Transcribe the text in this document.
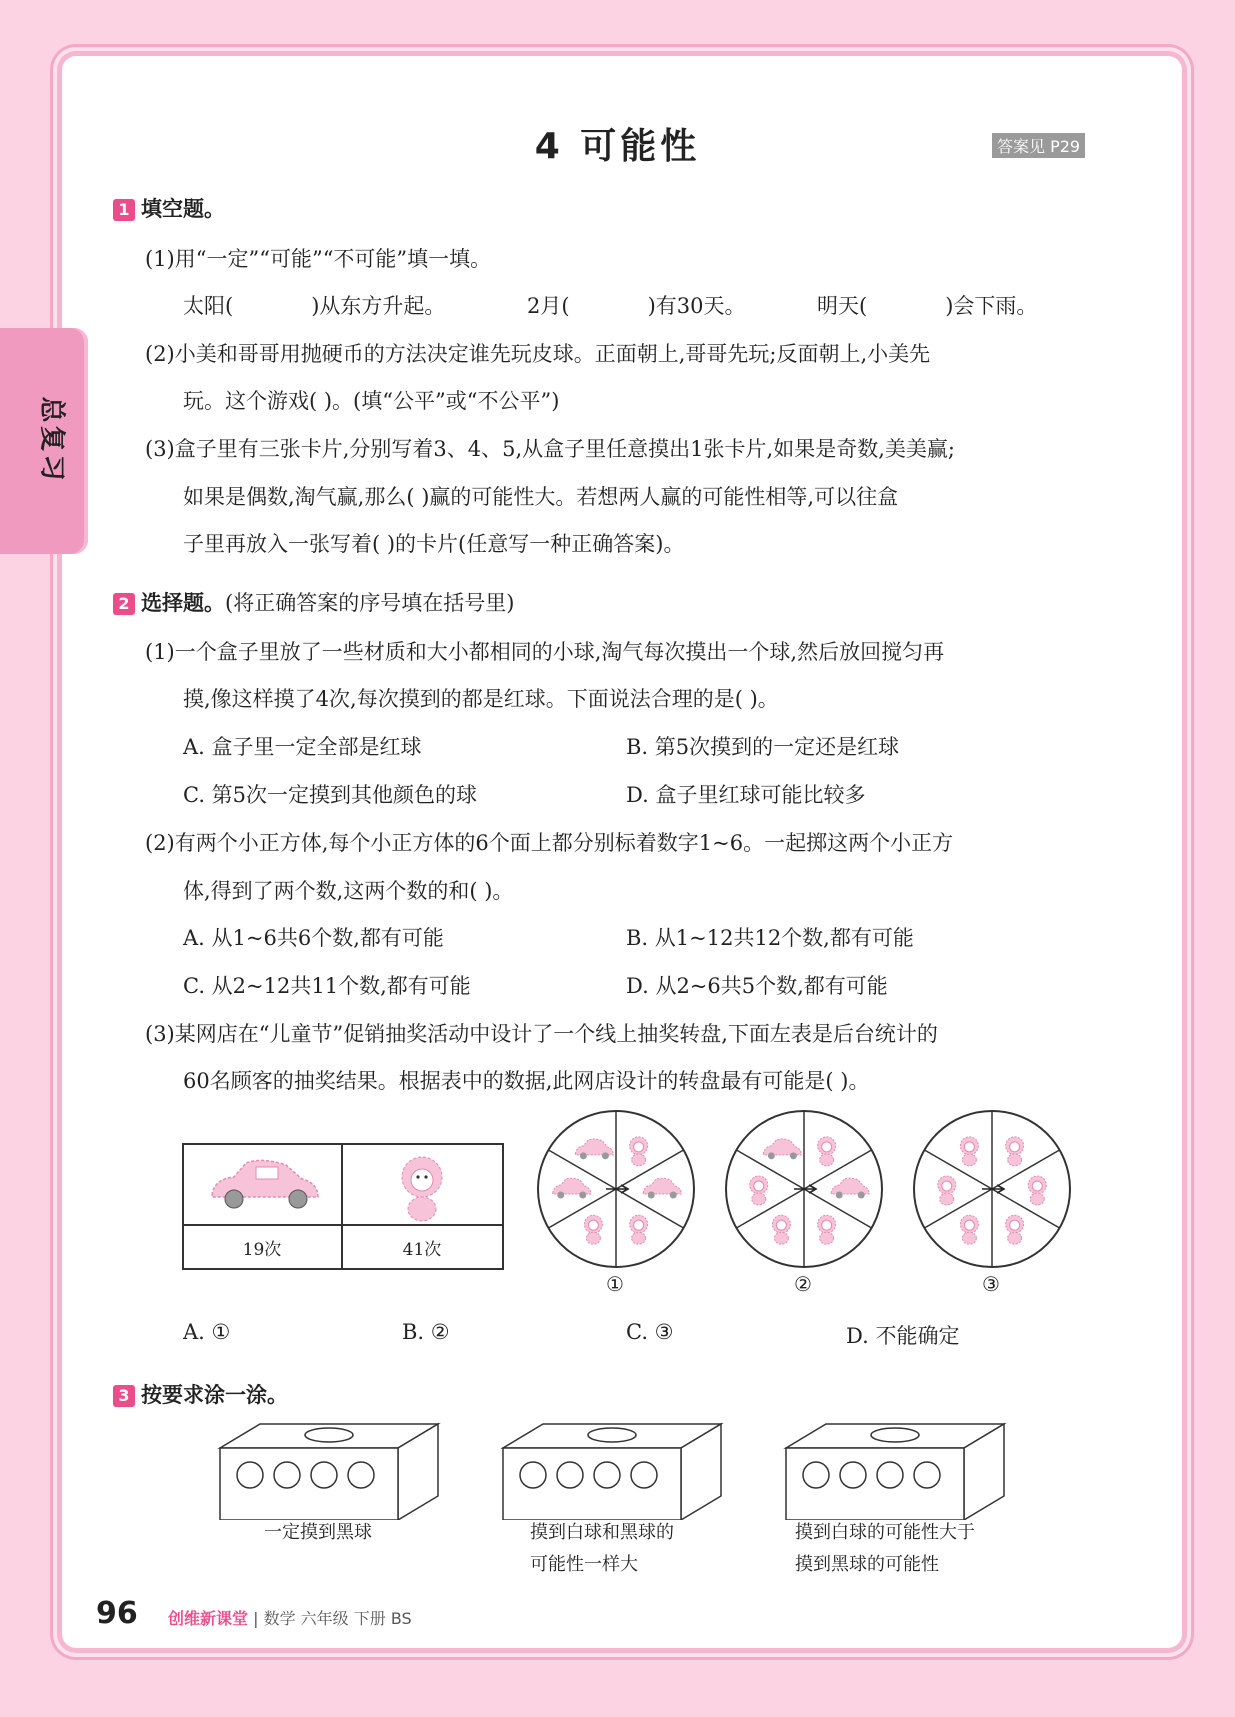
总复习
4 可能性	答案见 P29
1 填空题。
(1)用“一定”“可能”“不可能”填一填。
太阳(	)从东方升起。	2月(	)有30天。	明天(	)会下雨。
(2)小美和哥哥用抛硬币的方法决定谁先玩皮球。正面朝上,哥哥先玩;反面朝上,小美先
玩。这个游戏( )。(填“公平”或“不公平”)
(3)盒子里有三张卡片,分别写着3、4、5,从盒子里任意摸出1张卡片,如果是奇数,美美赢;
如果是偶数,淘气赢,那么( )赢的可能性大。若想两人赢的可能性相等,可以往盒
子里再放入一张写着( )的卡片(任意写一种正确答案)。
2 选择题。(将正确答案的序号填在括号里)
(1)一个盒子里放了一些材质和大小都相同的小球,淘气每次摸出一个球,然后放回搅匀再
摸,像这样摸了4次,每次摸到的都是红球。下面说法合理的是( )。
A. 盒子里一定全部是红球	B. 第5次摸到的一定还是红球
C. 第5次一定摸到其他颜色的球	D. 盒子里红球可能比较多
(2)有两个小正方体,每个小正方体的6个面上都分别标着数字1~6。一起掷这两个小正方
体,得到了两个数,这两个数的和( )。
A. 从1~6共6个数,都有可能	B. 从1~12共12个数,都有可能
C. 从2~12共11个数,都有可能	D. 从2~6共5个数,都有可能
(3)某网店在“儿童节”促销抽奖活动中设计了一个线上抽奖转盘,下面左表是后台统计的
60名顾客的抽奖结果。根据表中的数据,此网店设计的转盘最有可能是( )。
19次	41次
①	②	③
A. ①	B. ②	C. ③	D. 不能确定
3 按要求涂一涂。
一定摸到黑球	摸到白球和黑球的
可能性一样大
摸到白球的可能性大于
摸到黑球的可能性
96 创维新课堂 | 数学 六年级 下册 BS
